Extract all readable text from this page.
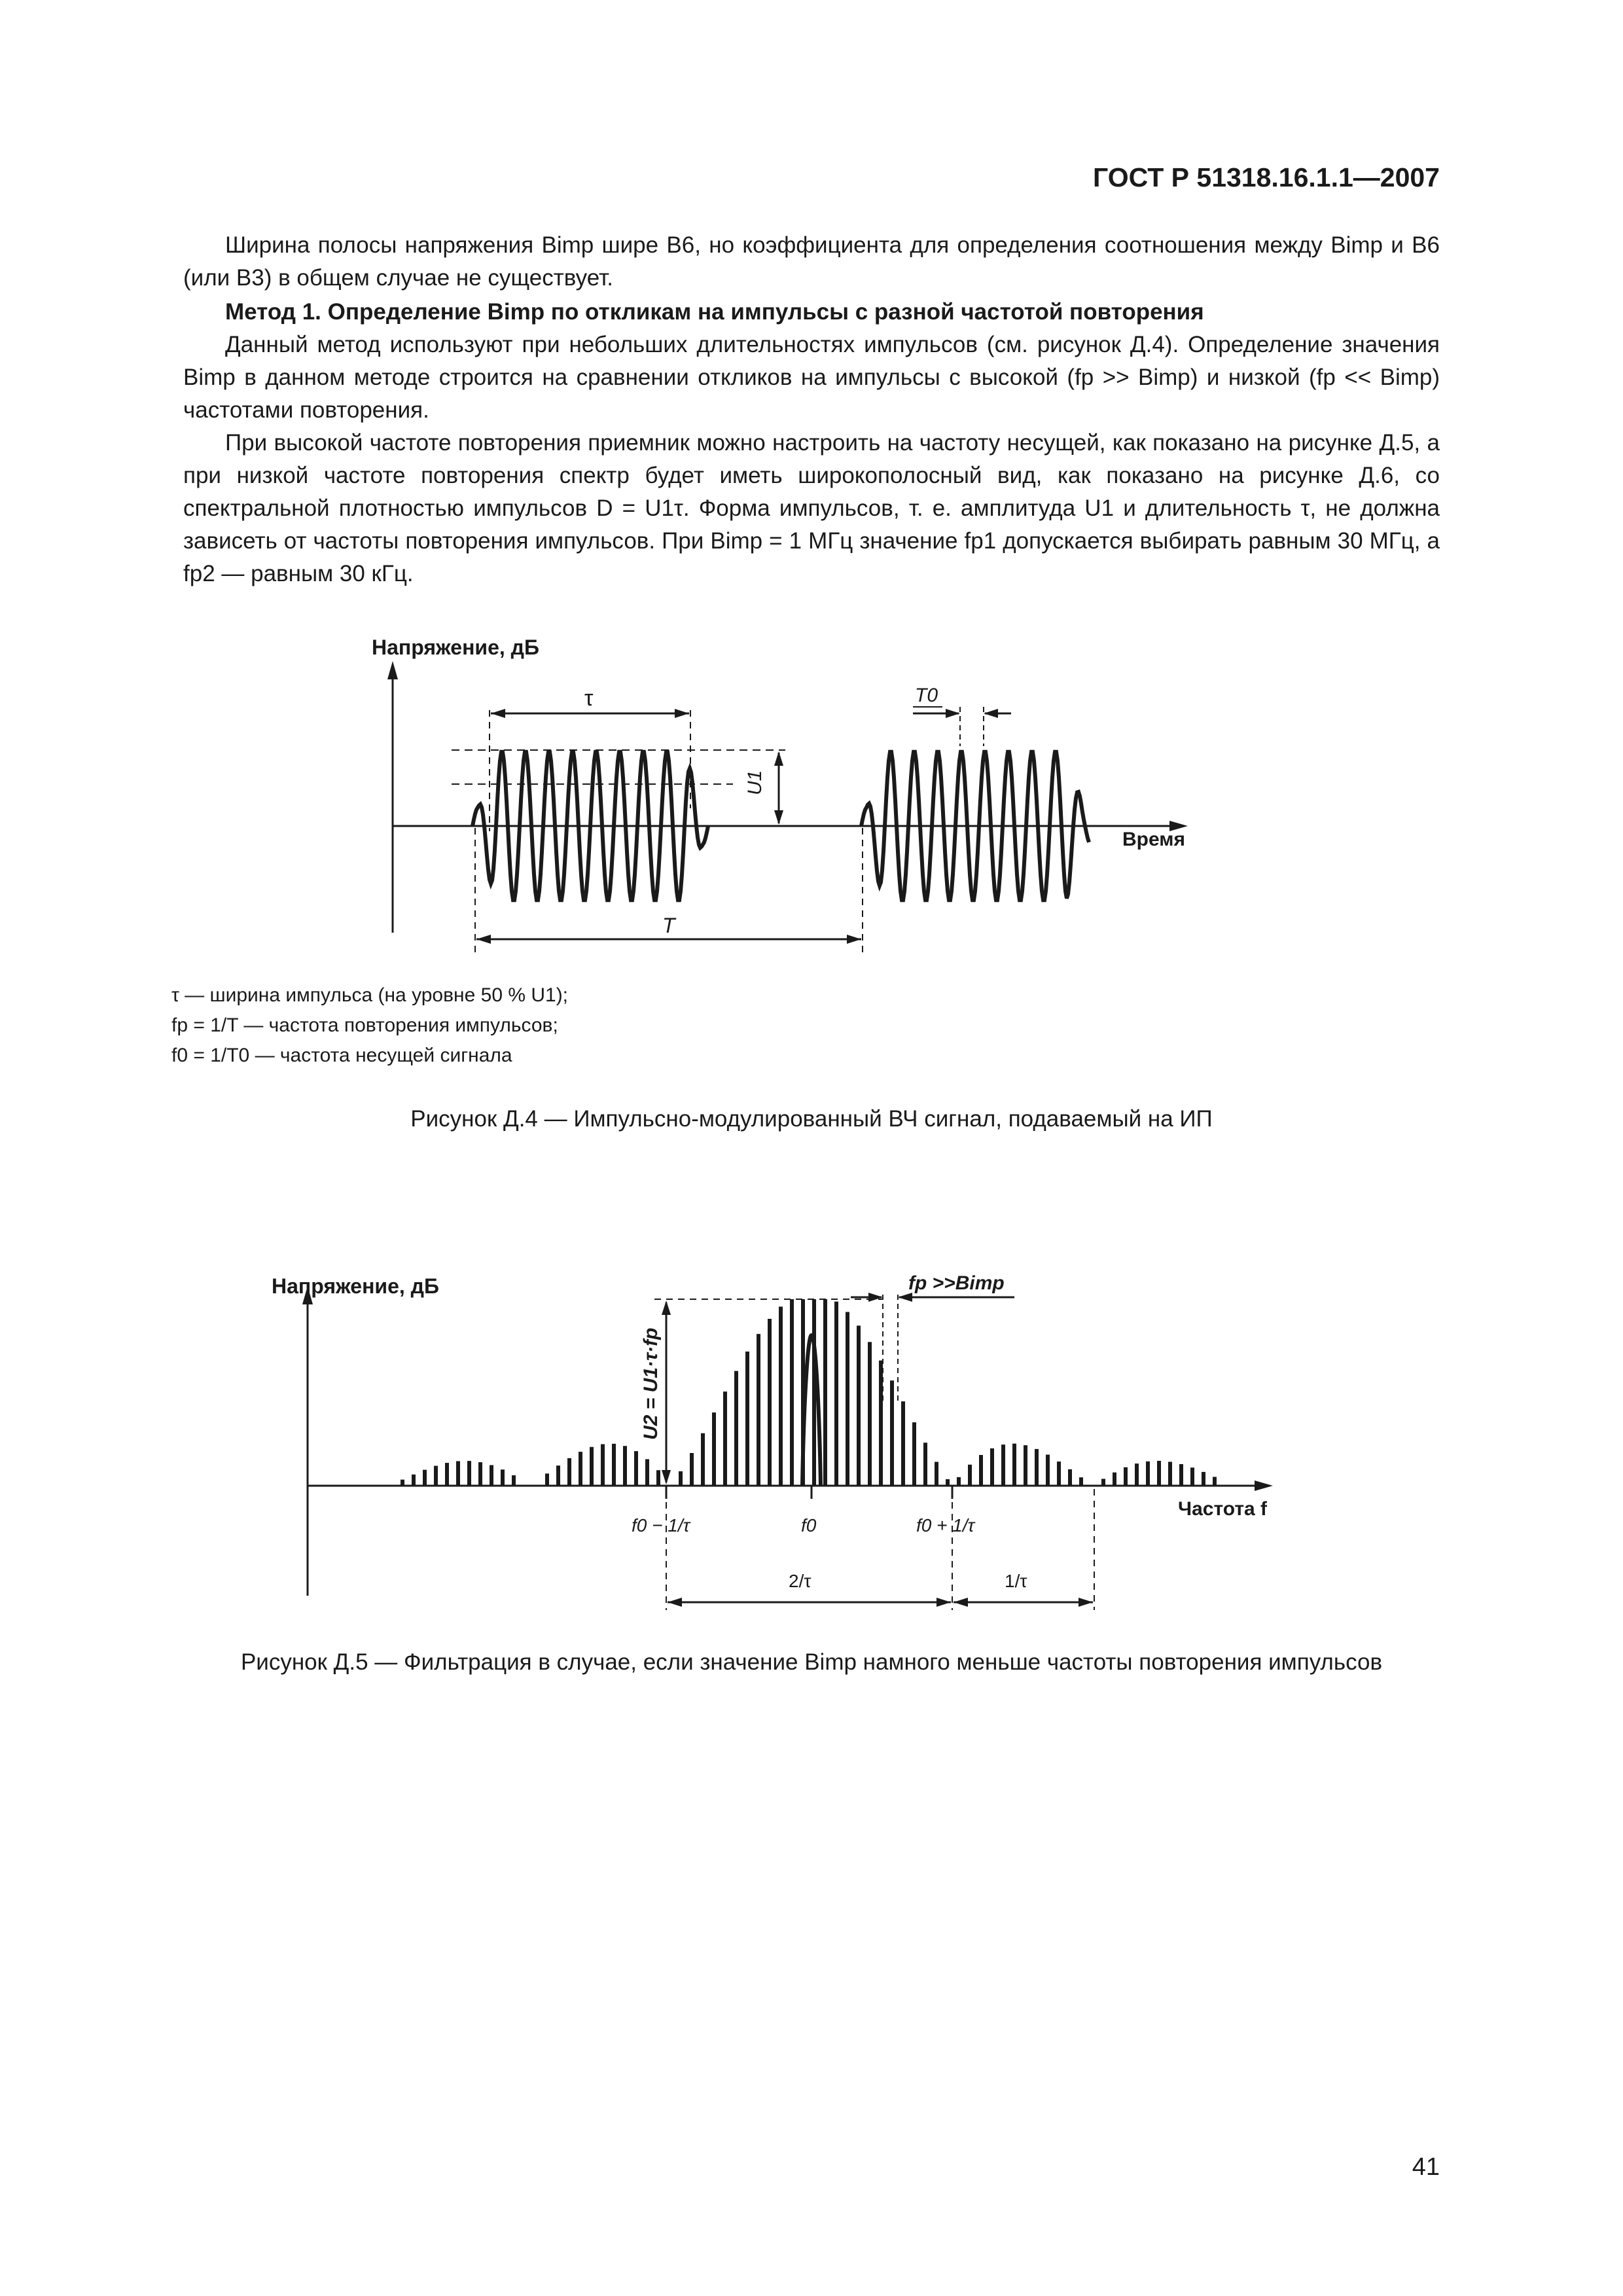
ГОСТ Р 51318.16.1.1—2007
Ширина полосы напряжения Bimp шире B6, но коэффициента для определения соотношения между Bimp и B6 (или B3) в общем случае не существует.
Метод 1. Определение Bimp по откликам на импульсы с разной частотой повторения
Данный метод используют при небольших длительностях импульсов (см. рисунок Д.4). Определение значения Bimp в данном методе строится на сравнении откликов на импульсы с высокой (fp >> Bimp) и низкой (fp << Bimp) частотами повторения.
При высокой частоте повторения приемник можно настроить на частоту несущей, как показано на рисунке Д.5, а при низкой частоте повторения спектр будет иметь широкополосный вид, как показано на рисунке Д.6, со спектральной плотностью импульсов D = U1τ. Форма импульсов, т. е. амплитуда U1 и длительность τ, не должна зависеть от частоты повторения импульсов. При Bimp = 1 МГц значение fp1 допускается выбирать равным 30 МГц, а fp2 — равным 30 кГц.
Напряжение, дБ
Время
τ	T0
U1
T
τ — ширина импульса (на уровне 50 % U1);
fp = 1/T — частота повторения импульсов;
f0 = 1/T0 — частота несущей сигнала
Рисунок Д.4 — Импульсно-модулированный ВЧ сигнал, подаваемый на ИП
Напряжение, дБ
Частота f
fp >>Bimp
U2 = U1·τ·fp
f0 − 1/τ	f0	f0 + 1/τ
2/τ	1/τ
Рисунок Д.5 — Фильтрация в случае, если значение Bimp намного меньше частоты повторения импульсов
41
